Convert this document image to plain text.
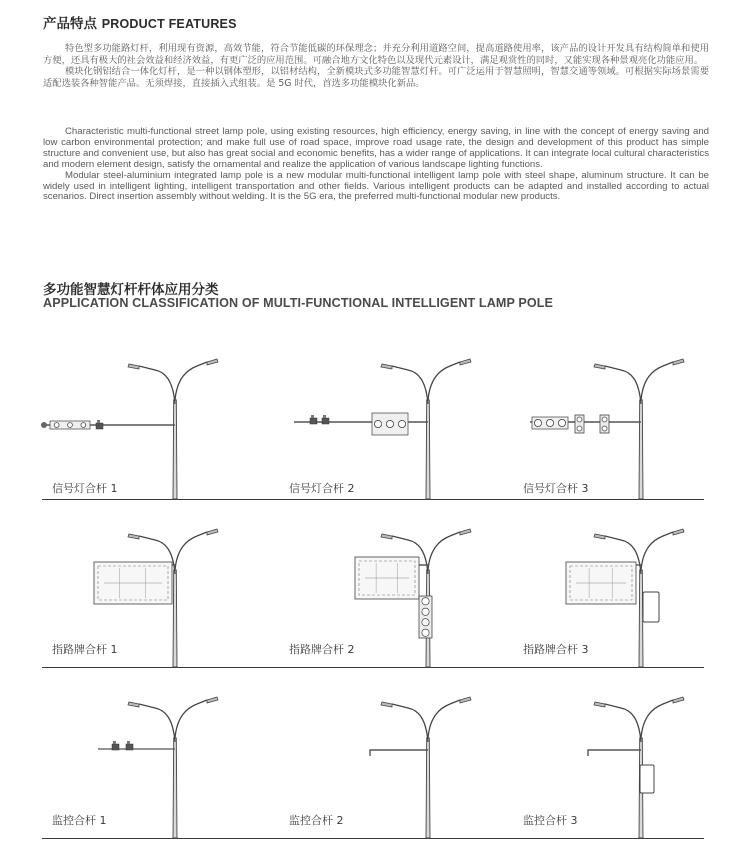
产品特点 PRODUCT FEATURES

特色型多功能路灯杆，利用现有资源，高效节能，符合节能低碳的环保理念；并充分利用道路空间，提高道路使用率，该产品的设计开发具有结构简单和使用方便，还具有极大的社会效益和经济效益，有更广泛的应用范围。可融合地方文化特色以及现代元素设计，满足观赏性的同时，又能实现各种景观亮化功能应用。

模块化钢铝结合一体化灯杆，是一种以钢体塑形，以铝材结构，全新模块式多功能智慧灯杆。可广泛运用于智慧照明，智慧交通等领域。可根据实际场景需要适配选装各种智能产品。无须焊接，直接插入式组装。是 5G 时代，首选多功能模块化新品。

Characteristic multi-functional street lamp pole, using existing resources, high efficiency, energy saving, in line with the concept of energy saving and low carbon environmental protection; and make full use of road space, improve road usage rate, the design and development of this product has simple structure and convenient use, but also has great social and economic benefits, has a wider range of applications. It can integrate local cultural characteristics and modern element design, satisfy the ornamental and realize the application of various landscape lighting functions.

Modular steel-aluminium integrated lamp pole is a new modular multi-functional intelligent lamp pole with steel shape, aluminum structure. It can be widely used in intelligent lighting, intelligent transportation and other fields. Various intelligent products can be adapted and installed according to actual scenarios. Direct insertion assembly without welding. It is the 5G era, the preferred multi-functional modular new products.

多功能智慧灯杆杆体应用分类
APPLICATION CLASSIFICATION OF MULTI-FUNCTIONAL INTELLIGENT LAMP POLE
信号灯合杆 1	信号灯合杆 2	信号灯合杆 3
指路牌合杆 1	指路牌合杆 2	指路牌合杆 3
监控合杆 1	监控合杆 2	监控合杆 3
